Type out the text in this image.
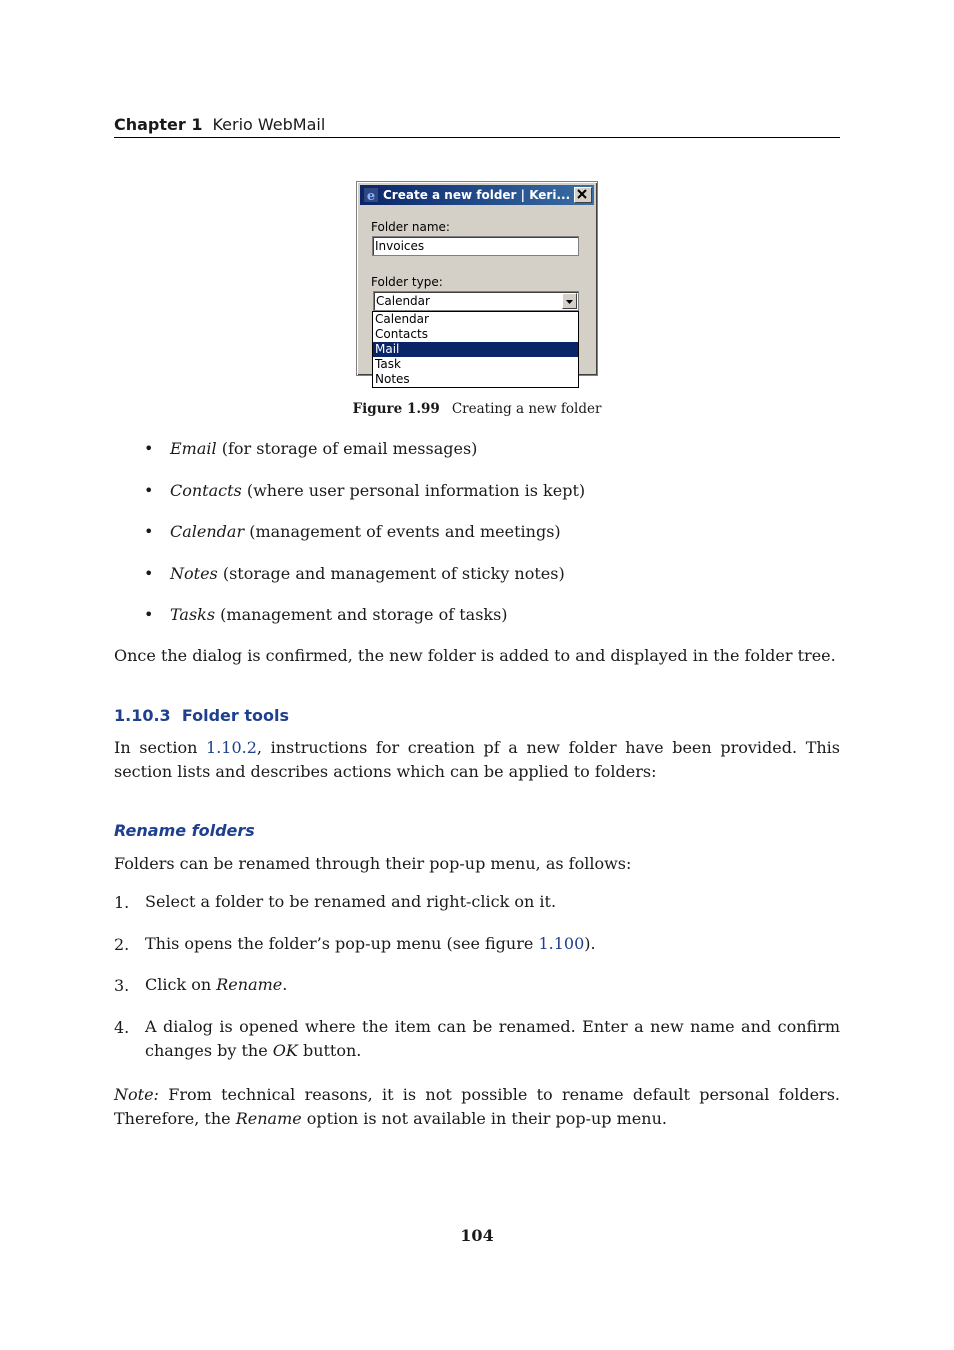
Chapter 1 Kerio WebMail
e Create a new folder | Keri...
Folder name:
Invoices
Folder type:
Calendar
Calendar
Contacts
Mail
Task
Notes
Figure 1.99 Creating a new folder
• Email (for storage of email messages)
• Contacts (where user personal information is kept)
• Calendar (management of events and meetings)
• Notes (storage and management of sticky notes)
• Tasks (management and storage of tasks)
Once the dialog is confirmed, the new folder is added to and displayed in the folder tree.
1.10.3 Folder tools
In section 1.10.2, instructions for creation pf a new folder have been provided. This section lists and describes actions which can be applied to folders:
Rename folders
Folders can be renamed through their pop-up menu, as follows:
1. Select a folder to be renamed and right-click on it.
2. This opens the folder’s pop-up menu (see figure 1.100).
3. Click on Rename.
4. A dialog is opened where the item can be renamed. Enter a new name and confirm changes by the OK button.
Note: From technical reasons, it is not possible to rename default personal folders. Therefore, the Rename option is not available in their pop-up menu.
104
